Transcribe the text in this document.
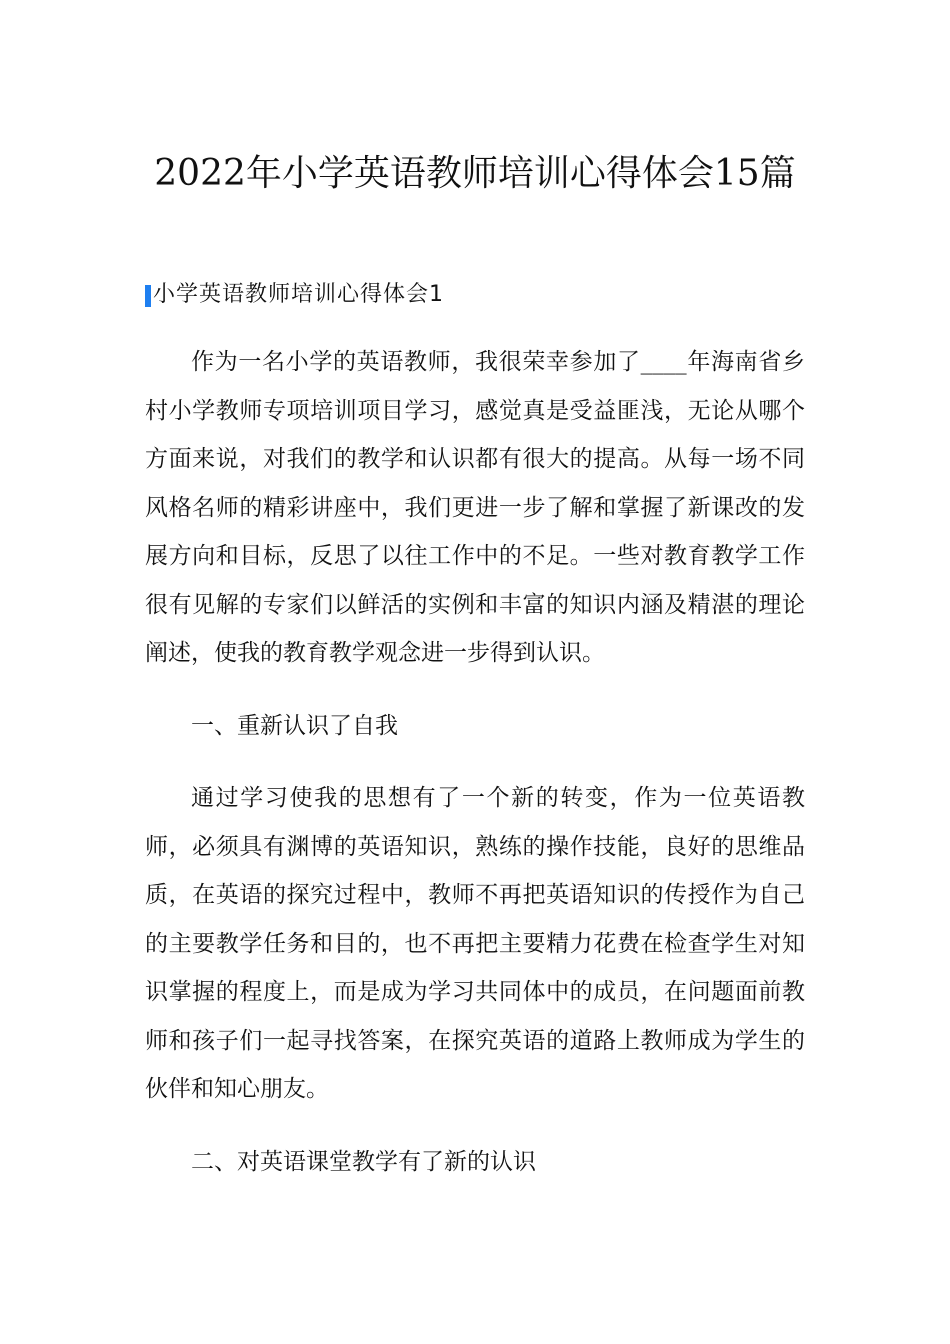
2022年小学英语教师培训心得体会15篇
小学英语教师培训心得体会1

作为一名小学的英语教师，我很荣幸参加了____年海南省乡村小学教师专项培训项目学习，感觉真是受益匪浅，无论从哪个方面来说，对我们的教学和认识都有很大的提高。从每一场不同风格名师的精彩讲座中，我们更进一步了解和掌握了新课改的发展方向和目标，反思了以往工作中的不足。一些对教育教学工作很有见解的专家们以鲜活的实例和丰富的知识内涵及精湛的理论阐述，使我的教育教学观念进一步得到认识。

一、重新认识了自我

通过学习使我的思想有了一个新的转变，作为一位英语教师，必须具有渊博的英语知识，熟练的操作技能，良好的思维品质，在英语的探究过程中，教师不再把英语知识的传授作为自己的主要教学任务和目的，也不再把主要精力花费在检查学生对知识掌握的程度上，而是成为学习共同体中的成员，在问题面前教师和孩子们一起寻找答案，在探究英语的道路上教师成为学生的伙伴和知心朋友。

二、对英语课堂教学有了新的认识
